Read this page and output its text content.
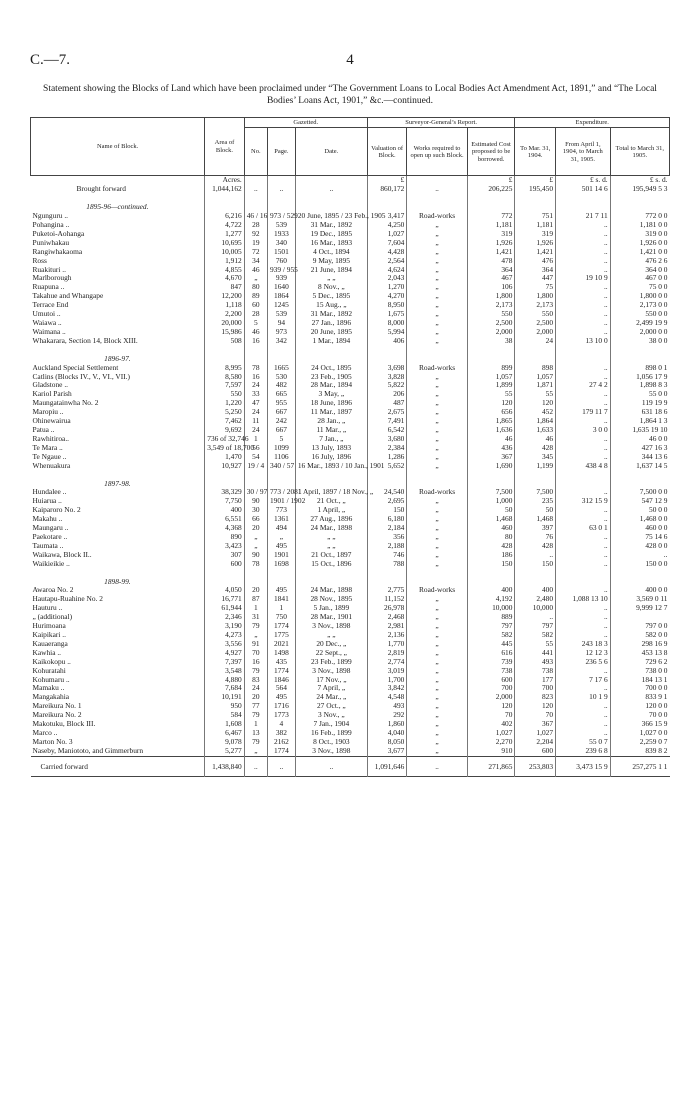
C.—7.	4
Statement showing the Blocks of Land which have been proclaimed under “The Government Loans to Local Bodies Act Amendment Act, 1891,” and “The Local Bodies’ Loans Act, 1901,” &c.—continued.
Name of Block.	Area of Block.	Gazetted.			Surveyor-General’s Report.			Expenditure.		
		No.	Page.	Date.	Valuation of Block.	Works required to open up such Block.	Estimated Cost proposed to be borrowed.	To Mar. 31, 1904.	From April 1, 1904, to March 31, 1905.	Total to March 31, 1905.
	Acres.				£		£	£	£ s. d.	£ s. d.
Brought forward	1,044,162	..	..	..	860,172	..	206,225	195,450	501 14 6	195,949 5 3
1895-96—continued.										
Ngunguru ..	6,216	46 / 16	973 / 529	20 June, 1895 / 23 Feb., 1905	3,417	Road-works	772	751	21 7 11	772 0 0
Pohangina ..	4,722	28	539	31 Mar., 1892	4,250	„	1,181	1,181	..	1,181 0 0
Puketoi-Aohanga	1,277	92	1933	19 Dec., 1895	1,027	„	319	319	..	319 0 0
Puniwhakau	10,695	19	340	16 Mar., 1893	7,604	„	1,926	1,926	..	1,926 0 0
Rangiwhakaoma	10,005	72	1501	4 Oct., 1894	4,428	„	1,421	1,421	..	1,421 0 0
Ross	1,912	34	760	9 May, 1895	2,564	„	478	476	..	476 2 6
Ruakituri ..	4,855	46	939 / 955	21 June, 1894	4,624	„	364	364	..	364 0 0
Marlborough	4,670	„	939	„ „	2,043	„	467	447	19 10 9	467 0 0
Ruapuna ..	847	80	1640	8 Nov., „	1,270	„	106	75	..	75 0 0
Takahue and Whangape	12,200	89	1864	5 Dec., 1895	4,270	„	1,800	1,800	..	1,800 0 0
Terrace End	1,118	60	1245	15 Aug., „	8,950	„	2,173	2,173	..	2,173 0 0
Umutoi ..	2,200	28	539	31 Mar., 1892	1,675	„	550	550	..	550 0 0
Waiawa ..	20,000	5	94	27 Jan., 1896	8,000	„	2,500	2,500	..	2,499 19 9
Waimana ..	15,986	46	973	20 June, 1895	5,994	„	2,000	2,000	..	2,000 0 0
Whakarara, Section 14, Block XIII.	508	16	342	1 Mar., 1894	406	„	38	24	13 10 0	38 0 0
1896-97.										
Auckland Special Settlement	8,995	78	1665	24 Oct., 1895	3,698	Road-works	899	898	..	898 0 1
Catlins (Blocks IV., V., VI., VII.)	8,580	16	530	23 Feb., 1905	3,828	„	1,057	1,057	..	1,056 17 9
Gladstone ..	7,597	24	482	28 Mar., 1894	5,822	„	1,899	1,871	27 4 2	1,898 8 3
Kariol Parish	550	33	665	3 May, „	206	„	55	55	..	55 0 0
Maungatainwha No. 2	1,220	47	955	18 June, 1896	487	„	120	120	..	119 19 9
Maropiu ..	5,250	24	667	11 Mar., 1897	2,675	„	656	452	179 11 7	631 18 6
Ohinewairua	7,462	11	242	28 Jan., „	7,491	„	1,865	1,864	..	1,864 1 3
Patua ..	9,692	24	667	11 Mar., „	6,542	„	1,636	1,633	3 0 0	1,635 19 10
Rawhitiroa..	736 of 32,746	1	5	7 Jan., „	3,680	„	46	46	..	46 0 0
Te Mara ..	3,549 of 18,700	56	1099	13 July, 1893	2,384	„	436	428	..	427 16 3
Te Ngaue ..	1,470	54	1106	16 July, 1896	1,286	„	367	345	..	344 13 6
Whenuakura	10,927	19 / 4	340 / 57	16 Mar., 1893 / 10 Jan., 1901	5,652	„	1,690	1,199	438 4 8	1,637 14 5
1897-98.										
Hundalee ..	38,329	30 / 97	773 / 2081	1 April, 1897 / 18 Nov., „	24,540	Road-works	7,500	7,500	..	7,500 0 0
Huiarua ..	7,750	90	1901 / 1902	21 Oct., „	2,695	„	1,000	235	312 15 9	547 12 9
Kaiparoro No. 2	400	30	773	1 April, „	150	„	50	50	..	50 0 0
Makahu ..	6,551	66	1361	27 Aug., 1896	6,180	„	1,468	1,468	..	1,468 0 0
Maungaru ..	4,368	20	494	24 Mar., 1898	2,184	„	460	397	63 0 1	460 0 0
Paekotare ..	890	„	„	„ „	356	„	80	76	..	75 14 6
Taumata ..	3,423	„	495	„ „	2,188	„	428	428	..	428 0 0
Waikawa, Block II..	307	90	1901	21 Oct., 1897	746	„	186	..	..	..
Waikieikie ..	600	78	1698	15 Oct., 1896	788	„	150	150	..	150 0 0
1898-99.										
Awaroa No. 2	4,050	20	495	24 Mar., 1898	2,775	Road-works	400	400	..	400 0 0
Hautapu-Ruahine No. 2	16,771	87	1841	28 Nov., 1895	11,152	„	4,192	2,480	1,088 13 10	3,569 0 11
Hauturu ..	61,944	1	1	5 Jan., 1899	26,978	„	10,000	10,000	..	9,999 12 7
„ (additional)	2,346	31	750	28 Mar., 1901	2,468	„	889	..	..	
Hurimoana	3,190	79	1774	3 Nov., 1898	2,981	„	797	797	..	797 0 0
Kaipikari ..	4,273	„	1775	„ „	2,136	„	582	582	..	582 0 0
Kauaeranga	3,556	91	2021	20 Dec., „	1,770	„	445	55	243 18 3	298 16 9
Kawhia ..	4,927	70	1498	22 Sept., „	2,819	„	616	441	12 12 3	453 13 8
Kaikokopu ..	7,397	16	435	23 Feb., 1899	2,774	„	739	493	236 5 6	729 6 2
Kohuratahi	3,548	79	1774	3 Nov., 1898	3,019	„	738	738	..	738 0 0
Kohumaru ..	4,880	83	1846	17 Nov., „	1,700	„	600	177	7 17 6	184 13 1
Mamaku ..	7,684	24	564	7 April, „	3,842	„	700	700	..	700 0 0
Mangakahia	10,191	20	495	24 Mar., „	4,548	„	2,000	823	10 1 9	833 9 1
Mareikura No. 1	950	77	1716	27 Oct., „	493	„	120	120	..	120 0 0
Mareikura No. 2	584	79	1773	3 Nov., „	292	„	70	70	..	70 0 0
Makotuku, Block III.	1,608	1	4	7 Jan., 1904	1,860	„	402	367	..	366 15 9
Marco ..	6,467	13	382	16 Feb., 1899	4,040	„	1,027	1,027	..	1,027 0 0
Marton No. 3	9,078	79	2162	8 Oct., 1903	8,050	„	2,270	2,204	55 0 7	2,259 0 7
Naseby, Maniototo, and Gimmerburn	5,277	„	1774	3 Nov., 1898	3,677	„	910	600	239 6 8	839 8 2
Carried forward	1,438,840	..	..	..	1,091,646	..	271,865	253,803	3,473 15 9	257,275 1 1
